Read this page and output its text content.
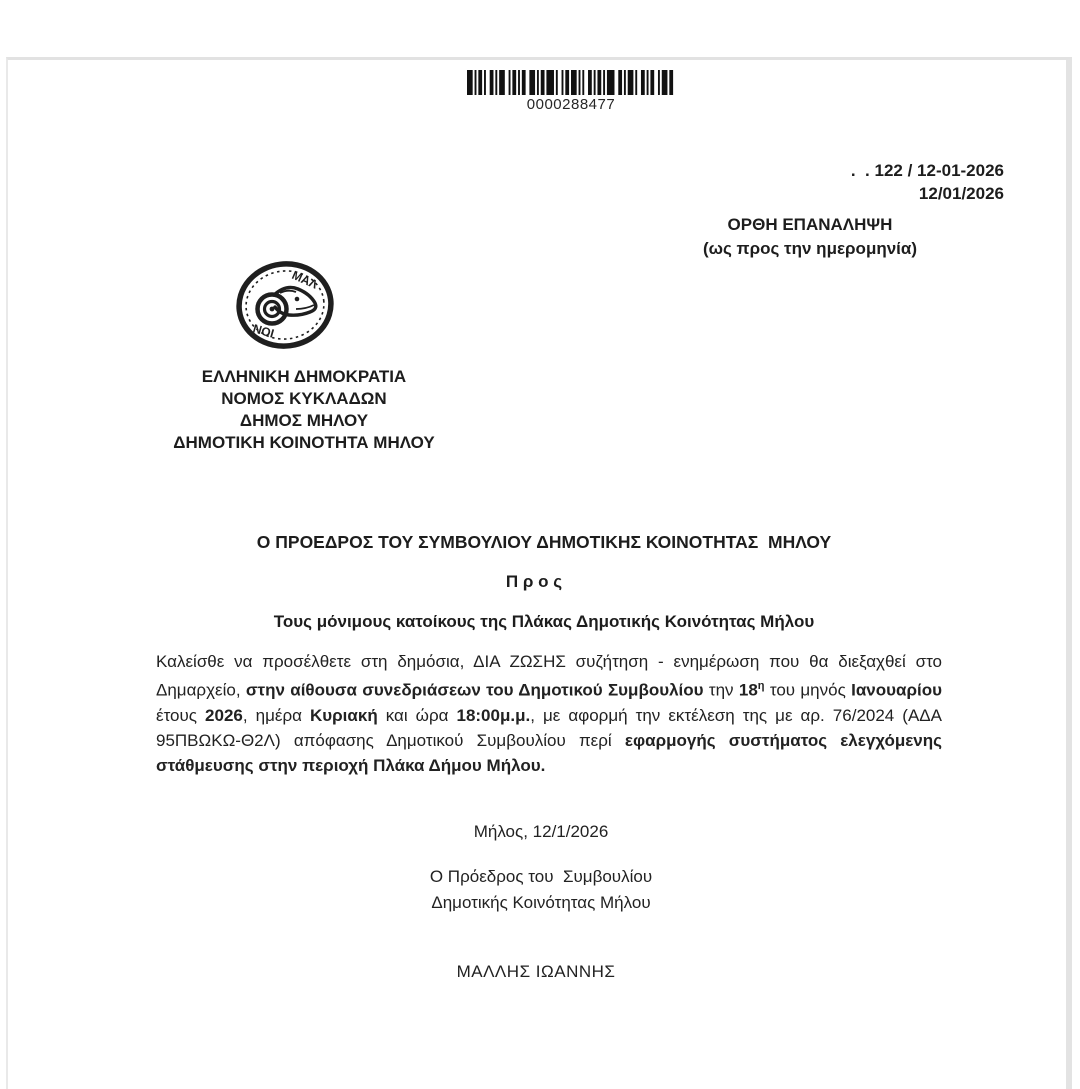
0000288477
.  . 122 / 12-01-2026
12/01/2026
ΟΡΘΗ ΕΠΑΝΑΛΗΨΗ
(ως προς την ημερομηνία)
ΜΑΛ
ΙΟΝ
ΕΛΛΗΝΙΚΗ ΔΗΜΟΚΡΑΤΙΑ
ΝΟΜΟΣ ΚΥΚΛΑΔΩΝ
ΔΗΜΟΣ ΜΗΛΟΥ
ΔΗΜΟΤΙΚΗ ΚΟΙΝΟΤΗΤΑ ΜΗΛΟΥ
Ο ΠΡΟΕΔΡΟΣ ΤΟΥ ΣΥΜΒΟΥΛΙΟΥ ΔΗΜΟΤΙΚΗΣ ΚΟΙΝΟΤΗΤΑΣ  ΜΗΛΟΥ
Π ρ ο ς
Τους μόνιμους κατοίκους της Πλάκας Δημοτικής Κοινότητας Μήλου

Καλείσθε να προσέλθετε στη δημόσια, ΔΙΑ ΖΩΣΗΣ συζήτηση - ενημέρωση που θα διεξαχθεί στο Δημαρχείο, στην αίθουσα συνεδριάσεων του Δημοτικού Συμβουλίου την $18^\eta$ του μηνός Ιανουαρίου έτους 2026, ημέρα Κυριακή και ώρα 18:00μ.μ., με αφορμή την εκτέλεση της με αρ. 76/2024 (ΑΔΑ 95ΠΒΩΚΩ-Θ2Λ) απόφασης Δημοτικού Συμβουλίου περί εφαρμογής συστήματος ελεγχόμενης στάθμευσης στην περιοχή Πλάκα Δήμου Μήλου.

Μήλος, 12/1/2026
Ο Πρόεδρος του  Συμβουλίου
Δημοτικής Κοινότητας Μήλου
ΜΑΛΛΗΣ ΙΩΑΝΝΗΣ
